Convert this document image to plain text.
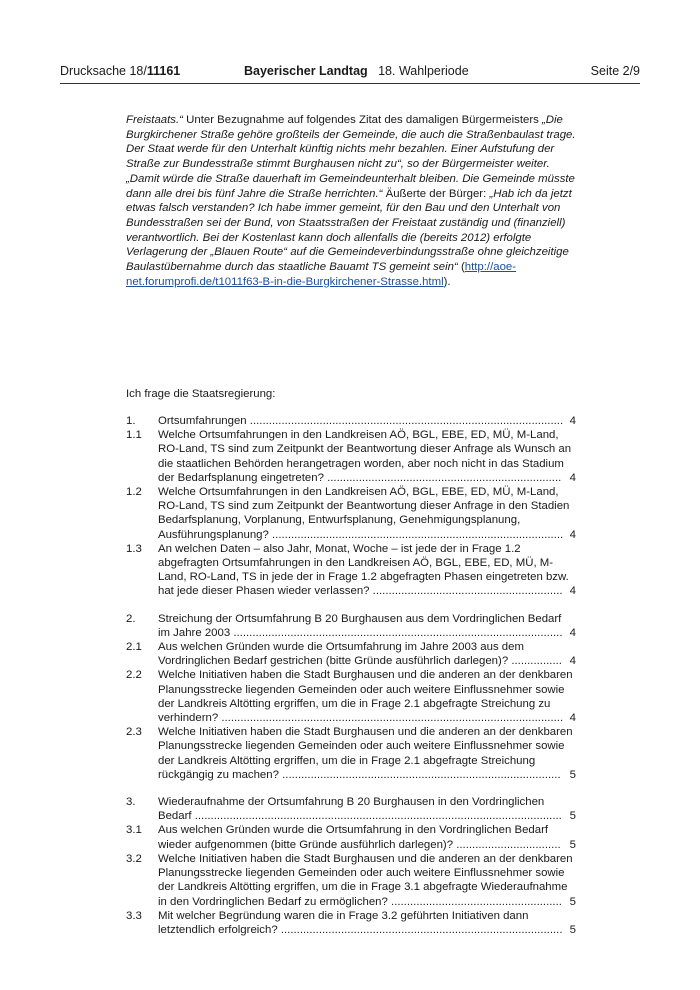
Drucksache 18/11161	Bayerischer Landtag 18. Wahlperiode	Seite 2/9

Freistaats.“ Unter Bezugnahme auf folgendes Zitat des damaligen Bürgermeisters „Die Burgkirchener Straße gehöre großteils der Gemeinde, die auch die Straßenbaulast trage. Der Staat werde für den Unterhalt künftig nichts mehr bezahlen. Einer Aufstufung der Straße zur Bundesstraße stimmt Burghausen nicht zu“, so der Bürgermeister weiter. „Damit würde die Straße dauerhaft im Gemeindeunterhalt bleiben. Die Gemeinde müsste dann alle drei bis fünf Jahre die Straße herrichten.“ Äußerte der Bürger: „Hab ich da jetzt etwas falsch verstanden? Ich habe immer gemeint, für den Bau und den Unterhalt von Bundesstraßen sei der Bund, von Staatsstraßen der Freistaat zuständig und (finanziell) verantwortlich. Bei der Kostenlast kann doch allenfalls die (bereits 2012) erfolgte Verlagerung der „Blauen Route“ auf die Gemeindeverbindungsstraße ohne gleichzeitige Baulastübernahme durch das staatliche Bauamt TS gemeint sein“ (http://aoe-net.forumprofi.de/t1011f63-B-in-die-Burgkirchener-Strasse.html).

Ich frage die Staatsregierung:
1. Ortsumfahrungen ................................................................................................... 4
1.1 Welche Ortsumfahrungen in den Landkreisen AÖ, BGL, EBE, ED, MÜ, M-Land, RO-Land, TS sind zum Zeitpunkt der Beantwortung dieser Anfrage als Wunsch an die staatlichen Behörden herangetragen worden, aber noch nicht in das Stadium der Bedarfsplanung eingetreten? .......................................................................... 4
1.2 Welche Ortsumfahrungen in den Landkreisen AÖ, BGL, EBE, ED, MÜ, M-Land, RO-Land, TS sind zum Zeitpunkt der Beantwortung dieser Anfrage in den Stadien Bedarfsplanung, Vorplanung, Entwurfsplanung, Genehmigungsplanung, Ausführungsplanung? ............................................................................................ 4
1.3 An welchen Daten – also Jahr, Monat, Woche – ist jede der in Frage 1.2 abgefragten Ortsumfahrungen in den Landkreisen AÖ, BGL, EBE, ED, MÜ, M-Land, RO-Land, TS in jede der in Frage 1.2 abgefragten Phasen eingetreten bzw. hat jede dieser Phasen wieder verlassen? ............................................................ 4
2. Streichung der Ortsumfahrung B 20 Burghausen aus dem Vordringlichen Bedarf im Jahre 2003 ........................................................................................................ 4
2.1 Aus welchen Gründen wurde die Ortsumfahrung im Jahre 2003 aus dem Vordringlichen Bedarf gestrichen (bitte Gründe ausführlich darlegen)? ................ 4
2.2 Welche Initiativen haben die Stadt Burghausen und die anderen an der denkbaren Planungsstrecke liegenden Gemeinden oder auch weitere Einflussnehmer sowie der Landkreis Altötting ergriffen, um die in Frage 2.1 abgefragte Streichung zu verhindern? ............................................................................................................ 4
2.3 Welche Initiativen haben die Stadt Burghausen und die anderen an der denkbaren Planungsstrecke liegenden Gemeinden oder auch weitere Einflussnehmer sowie der Landkreis Altötting ergriffen, um die in Frage 2.1 abgefragte Streichung rückgängig zu machen? ........................................................................................ 5
3. Wiederaufnahme der Ortsumfahrung B 20 Burghausen in den Vordringlichen Bedarf .................................................................................................................... 5
3.1 Aus welchen Gründen wurde die Ortsumfahrung in den Vordringlichen Bedarf wieder aufgenommen (bitte Gründe ausführlich darlegen)? ................................. 5
3.2 Welche Initiativen haben die Stadt Burghausen und die anderen an der denkbaren Planungsstrecke liegenden Gemeinden oder auch weitere Einflussnehmer sowie der Landkreis Altötting ergriffen, um die in Frage 3.1 abgefragte Wiederaufnahme in den Vordringlichen Bedarf zu ermöglichen? ...................................................... 5
3.3 Mit welcher Begründung waren die in Frage 3.2 geführten Initiativen dann letztendlich erfolgreich? ......................................................................................... 5
